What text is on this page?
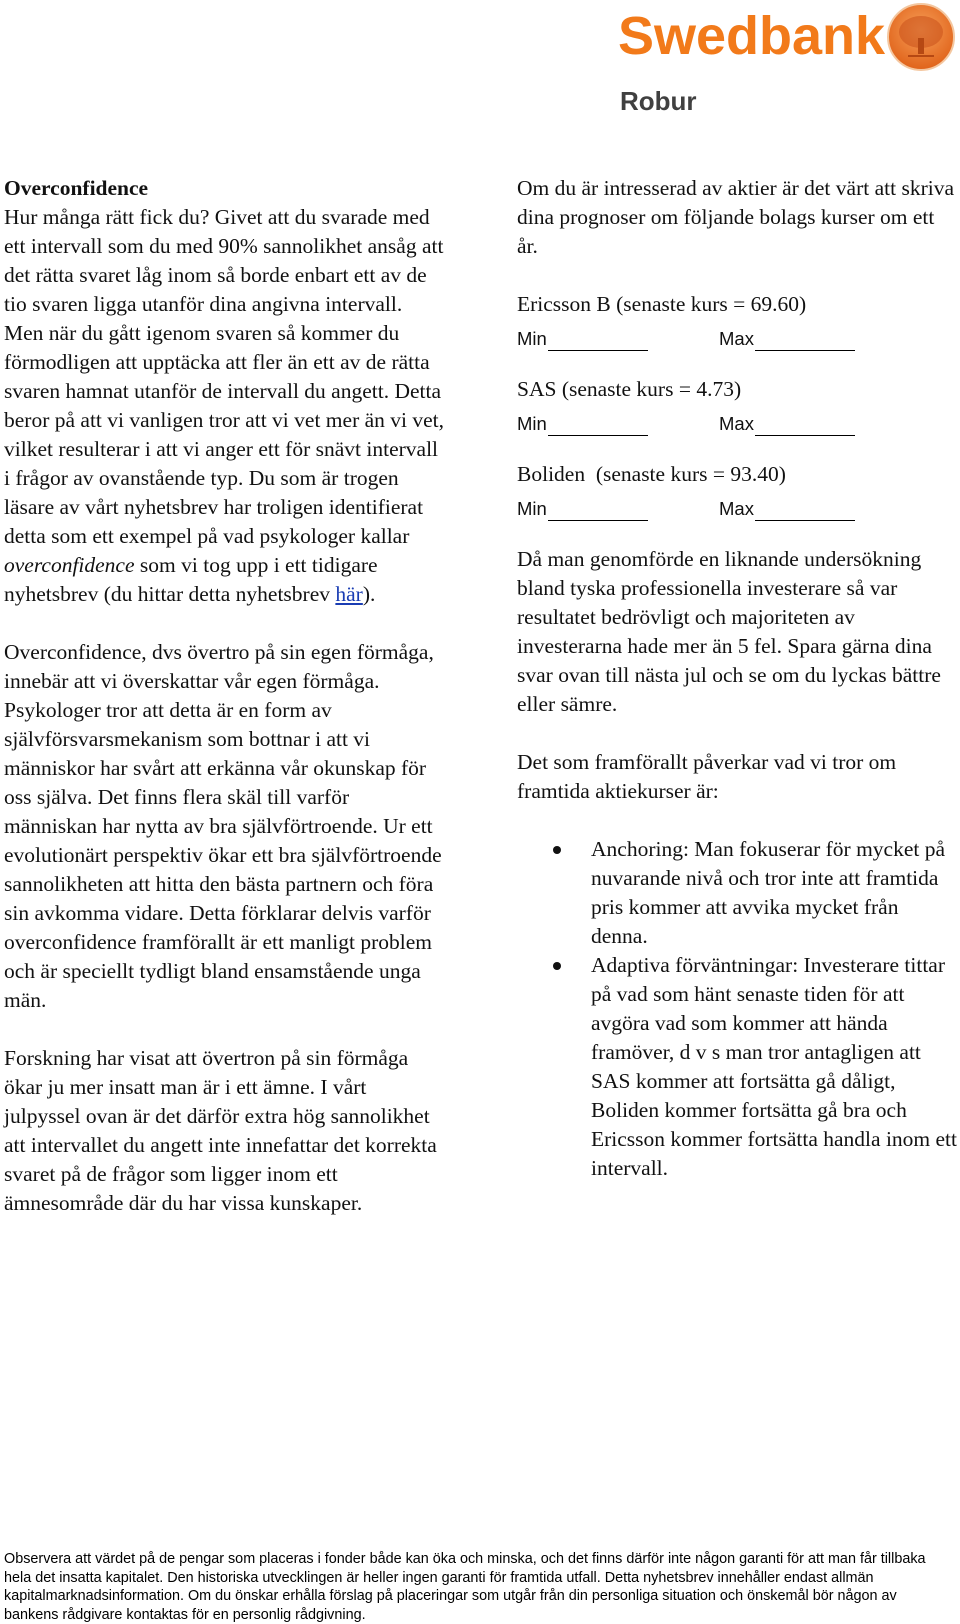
Swedbank
Robur

Overconfidence
Hur många rätt fick du? Givet att du svarade med ett intervall som du med 90% sannolikhet ansåg att det rätta svaret låg inom så borde enbart ett av de tio svaren ligga utanför dina angivna intervall. Men när du gått igenom svaren så kommer du förmodligen att upptäcka att fler än ett av de rätta svaren hamnat utanför de intervall du angett. Detta beror på att vi vanligen tror att vi vet mer än vi vet, vilket resulterar i att vi anger ett för snävt intervall i frågor av ovanstående typ. Du som är trogen läsare av vårt nyhetsbrev har troligen identifierat detta som ett exempel på vad psykologer kallar overconfidence som vi tog upp i ett tidigare nyhetsbrev (du hittar detta nyhetsbrev här).

Overconfidence, dvs övertro på sin egen förmåga, innebär att vi överskattar vår egen förmåga. Psykologer tror att detta är en form av självförsvarsmekanism som bottnar i att vi människor har svårt att erkänna vår okunskap för oss själva. Det finns flera skäl till varför människan har nytta av bra självförtroende. Ur ett evolutionärt perspektiv ökar ett bra självförtroende sannolikheten att hitta den bästa partnern och föra sin avkomma vidare. Detta förklarar delvis varför overconfidence framförallt är ett manligt problem och är speciellt tydligt bland ensamstående unga män.

Forskning har visat att övertron på sin förmåga ökar ju mer insatt man är i ett ämne. I vårt julpyssel ovan är det därför extra hög sannolikhet att intervallet du angett inte innefattar det korrekta svaret på de frågor som ligger inom ett ämnesområde där du har vissa kunskaper.

Om du är intresserad av aktier är det värt att skriva dina prognoser om följande bolags kurser om ett år.

Ericsson B (senaste kurs = 69.60)

Min	Max

SAS (senaste kurs = 4.73)

Min	Max

Boliden  (senaste kurs = 93.40)

Min	Max

Då man genomförde en liknande undersökning bland tyska professionella investerare så var resultatet bedrövligt och majoriteten av investerarna hade mer än 5 fel. Spara gärna dina svar ovan till nästa jul och se om du lyckas bättre eller sämre.

Det som framförallt påverkar vad vi tror om framtida aktiekurser är:

Anchoring: Man fokuserar för mycket på nuvarande nivå och tror inte att framtida pris kommer att avvika mycket från denna.
Adaptiva förväntningar: Investerare tittar på vad som hänt senaste tiden för att avgöra vad som kommer att hända framöver, d v s man tror antagligen att SAS kommer att fortsätta gå dåligt, Boliden kommer fortsätta gå bra och Ericsson kommer fortsätta handla inom ett intervall.
Observera att värdet på de pengar som placeras i fonder både kan öka och minska, och det finns därför inte någon garanti för att man får tillbaka hela det insatta kapitalet. Den historiska utvecklingen är heller ingen garanti för framtida utfall. Detta nyhetsbrev innehåller endast allmän kapitalmarknadsinformation. Om du önskar erhålla förslag på placeringar som utgår från din personliga situation och önskemål bör någon av bankens rådgivare kontaktas för en personlig rådgivning.
